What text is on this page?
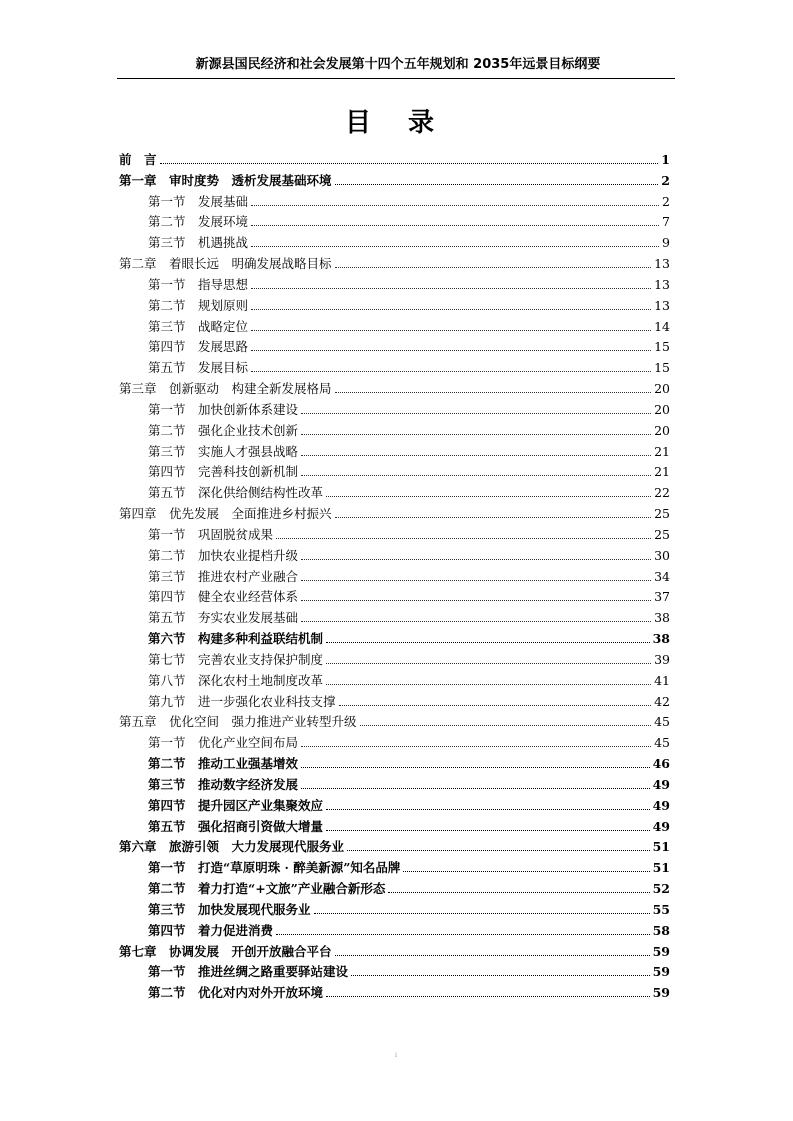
新源县国民经济和社会发展第十四个五年规划和 2035年远景目标纲要
目 录
前　言	1
第一章　审时度势　透析发展基础环境	2
第一节　发展基础	2
第二节　发展环境	7
第三节　机遇挑战	9
第二章　着眼长远　明确发展战略目标	13
第一节　指导思想	13
第二节　规划原则	13
第三节　战略定位	14
第四节　发展思路	15
第五节　发展目标	15
第三章　创新驱动　构建全新发展格局	20
第一节　加快创新体系建设	20
第二节　强化企业技术创新	20
第三节　实施人才强县战略	21
第四节　完善科技创新机制	21
第五节　深化供给侧结构性改革	22
第四章　优先发展　全面推进乡村振兴	25
第一节　巩固脱贫成果	25
第二节　加快农业提档升级	30
第三节　推进农村产业融合	34
第四节　健全农业经营体系	37
第五节　夯实农业发展基础	38
第六节　构建多种利益联结机制	38
第七节　完善农业支持保护制度	39
第八节　深化农村土地制度改革	41
第九节　进一步强化农业科技支撑	42
第五章　优化空间　强力推进产业转型升级	45
第一节　优化产业空间布局	45
第二节　推动工业强基增效	46
第三节　推动数字经济发展	49
第四节　提升园区产业集聚效应	49
第五节　强化招商引资做大增量	49
第六章　旅游引领　大力发展现代服务业	51
第一节　打造“草原明珠 · 醉美新源”知名品牌	51
第二节　着力打造“+文旅”产业融合新形态	52
第三节　加快发展现代服务业	55
第四节　着力促进消费	58
第七章　协调发展　开创开放融合平台	59
第一节　推进丝绸之路重要驿站建设	59
第二节　优化对内对外开放环境	59
i
